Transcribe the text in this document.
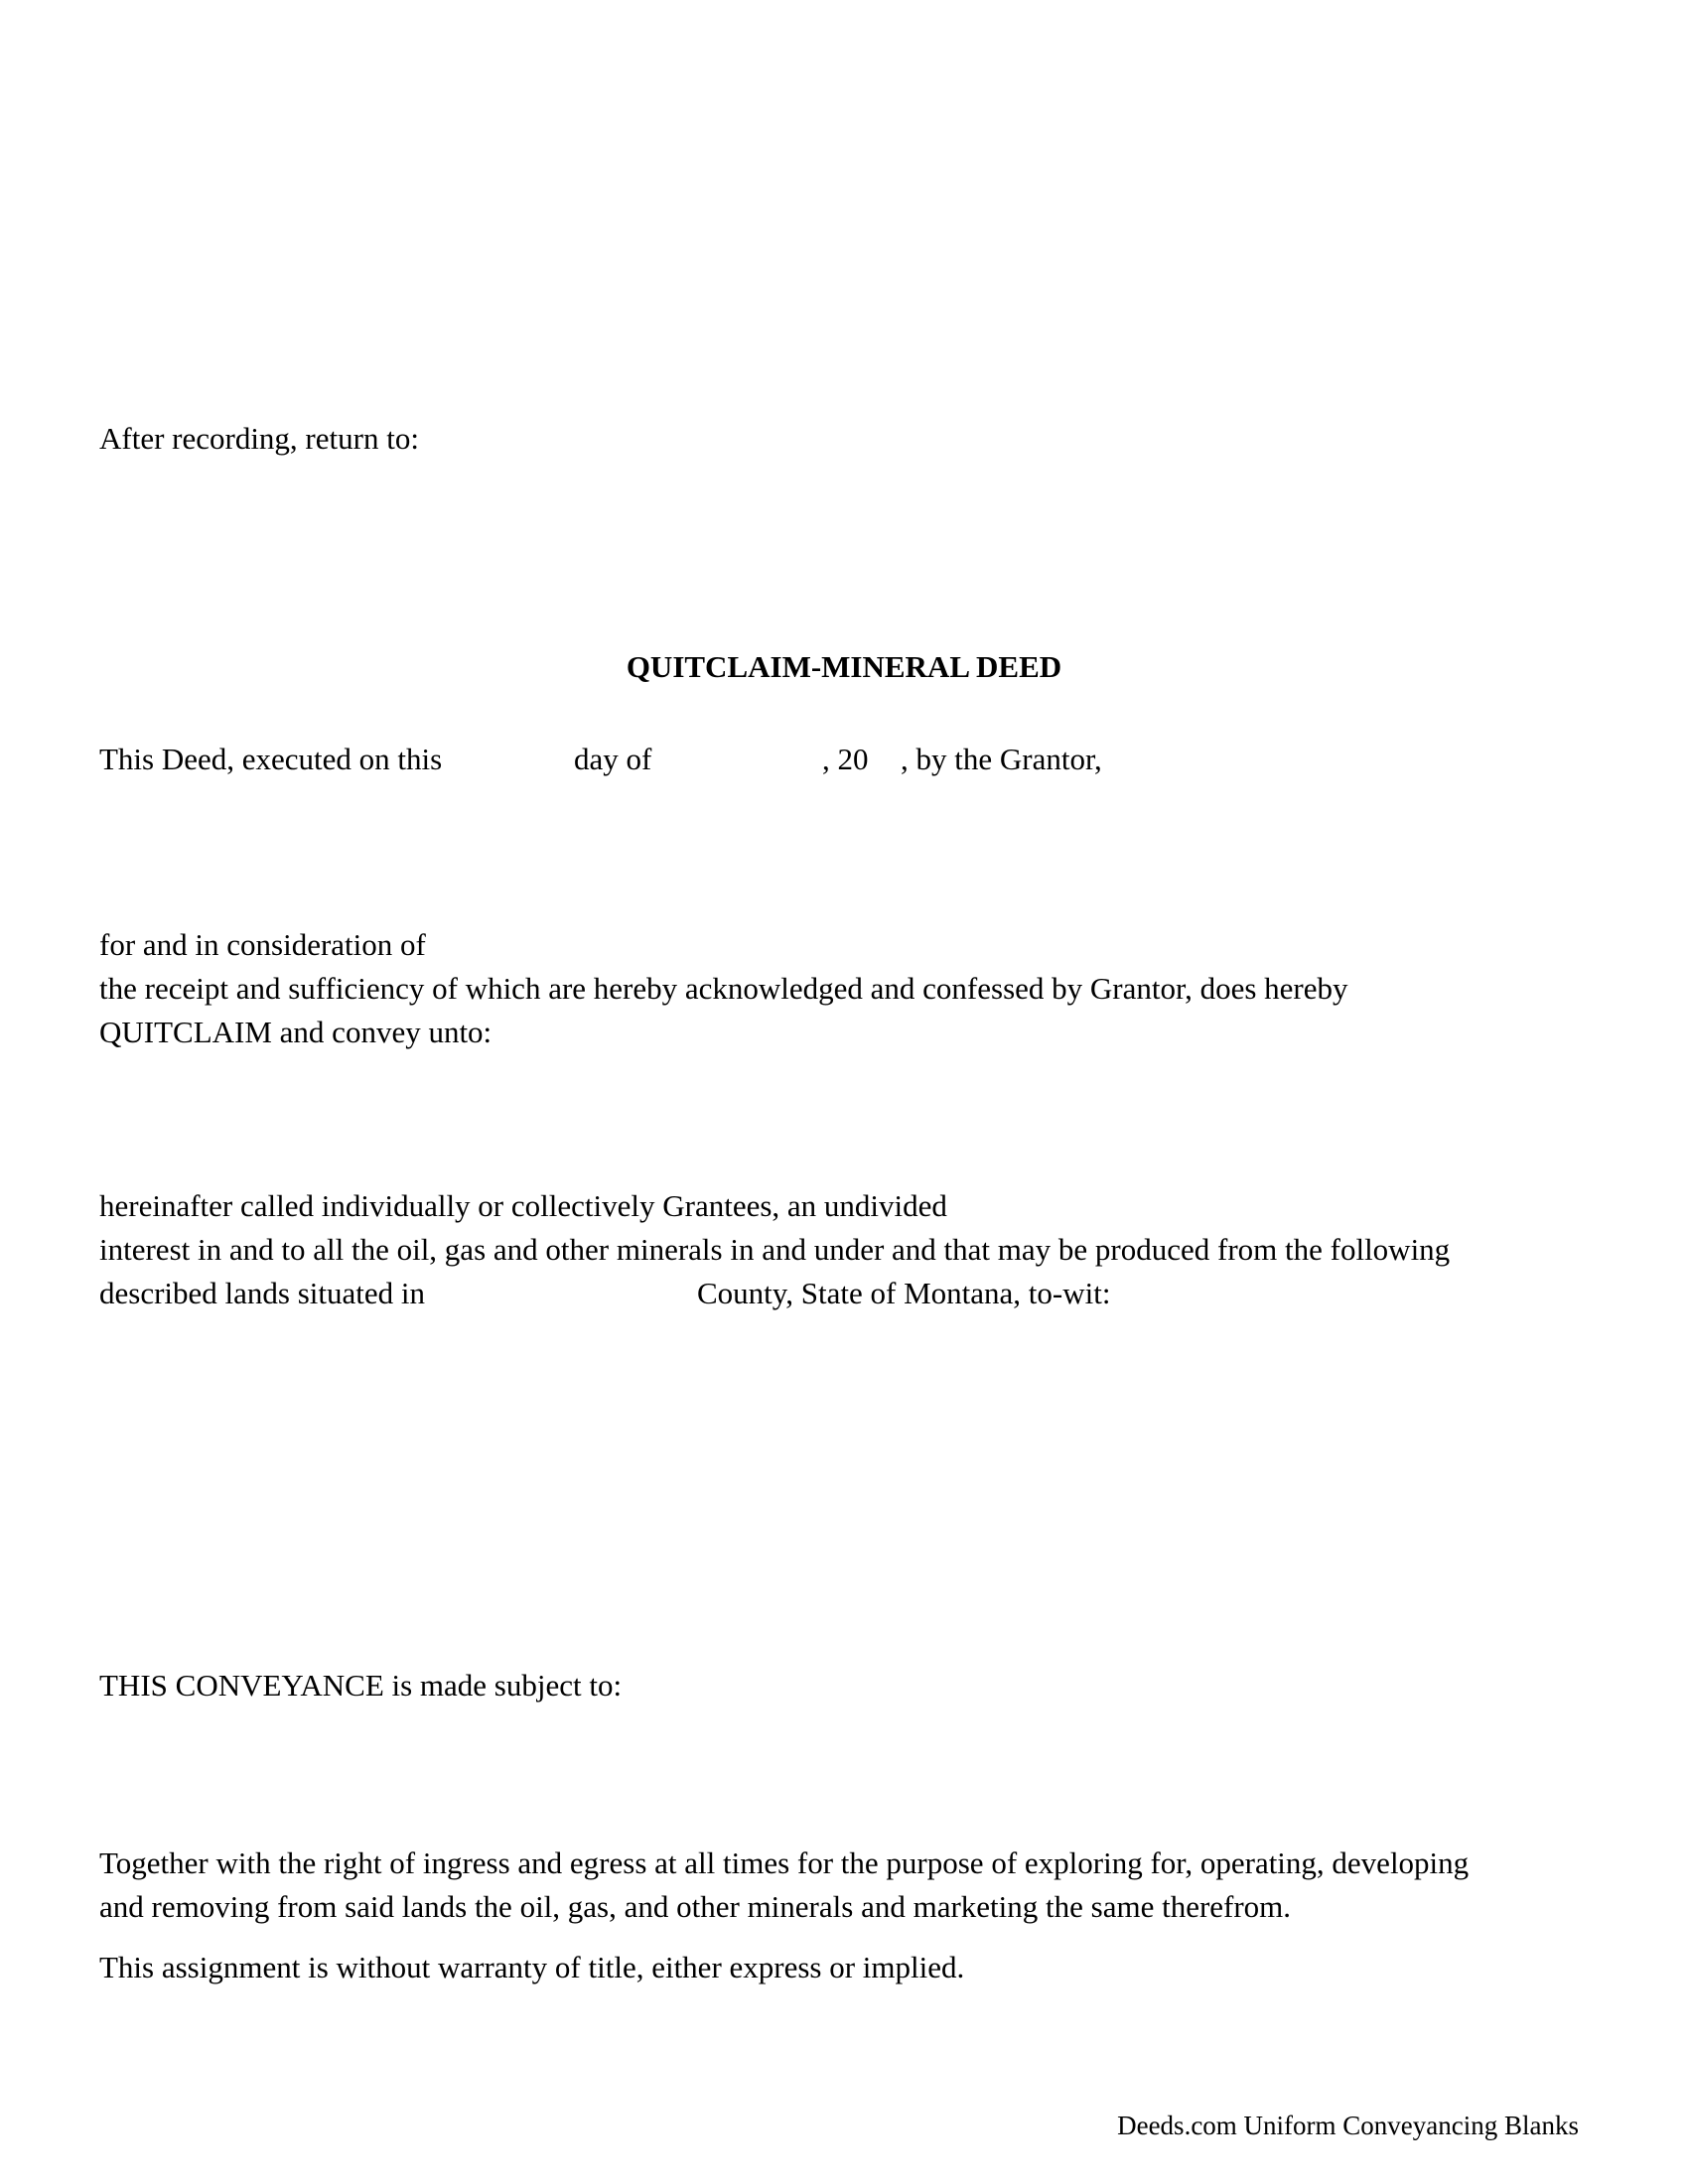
After recording, return to:
QUITCLAIM-MINERAL DEED
This Deed, executed on this	day of	, 20 , by the Grantor,
for and in consideration of
the receipt and sufficiency of which are hereby acknowledged and confessed by Grantor, does hereby
QUITCLAIM and convey unto:
hereinafter called individually or collectively Grantees, an undivided
interest in and to all the oil, gas and other minerals in and under and that may be produced from the following
described lands situated in	County, State of Montana, to-wit:
THIS CONVEYANCE is made subject to:
Together with the right of ingress and egress at all times for the purpose of exploring for, operating, developing
and removing from said lands the oil, gas, and other minerals and marketing the same therefrom.
This assignment is without warranty of title, either express or implied.
Deeds.com Uniform Conveyancing Blanks
